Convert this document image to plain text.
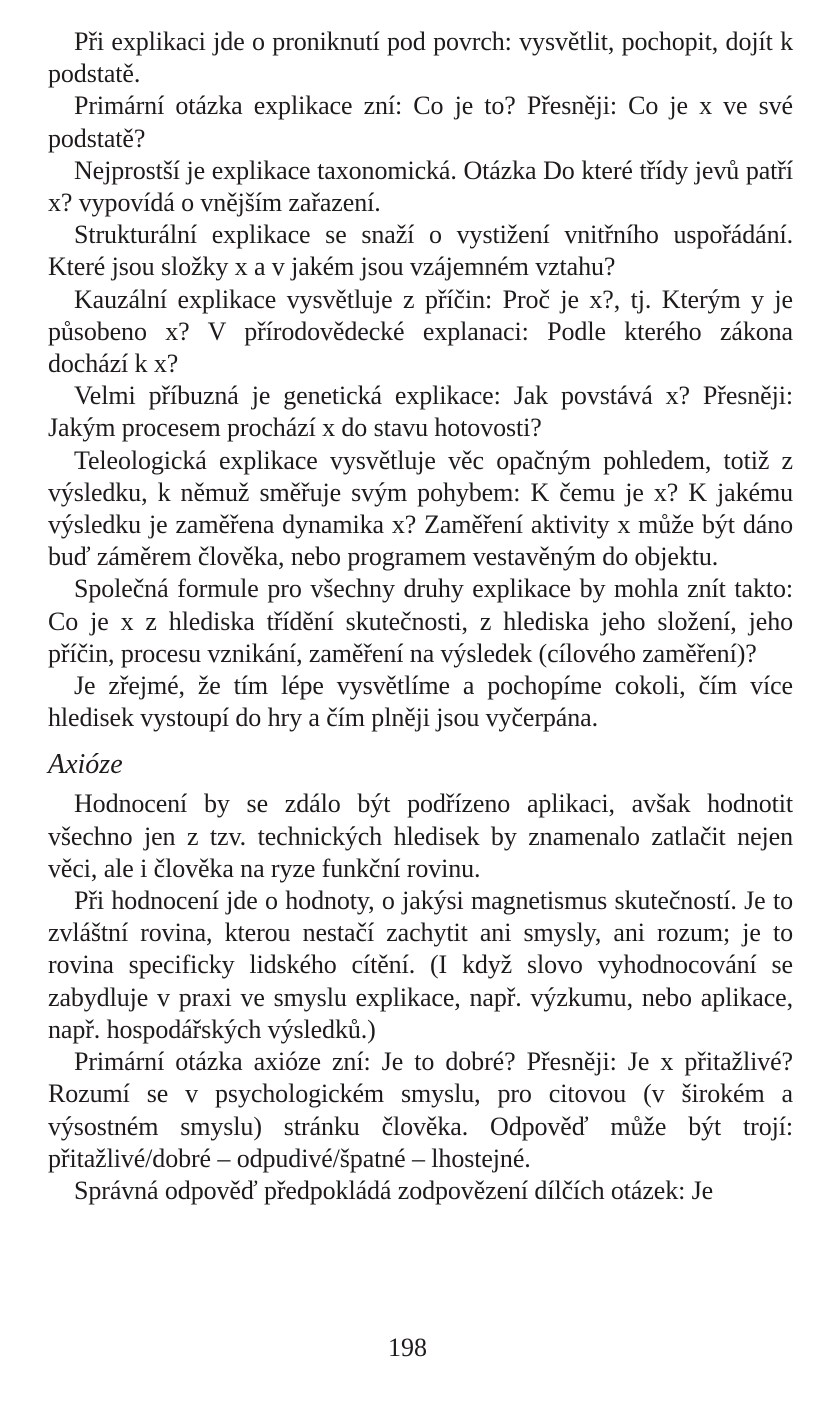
Při explikaci jde o proniknutí pod povrch: vysvětlit, pochopit, dojít k podstatě.

Primární otázka explikace zní: Co je to? Přesněji: Co je x ve své podstatě?

Nejprostší je explikace taxonomická. Otázka Do které třídy jevů patří x? vypovídá o vnějším zařazení.

Strukturální explikace se snaží o vystižení vnitřního uspořádání. Které jsou složky x a v jakém jsou vzájemném vztahu?

Kauzální explikace vysvětluje z příčin: Proč je x?, tj. Kterým y je působeno x? V přírodovědecké explanaci: Podle kterého zákona dochází k x?

Velmi příbuzná je genetická explikace: Jak povstává x? Přesněji: Jakým procesem prochází x do stavu hotovosti?

Teleologická explikace vysvětluje věc opačným pohledem, totiž z výsledku, k němuž směřuje svým pohybem: K čemu je x? K jakému výsledku je zaměřena dynamika x? Zaměření aktivity x může být dáno buď záměrem člověka, nebo programem vestavěným do objektu.

Společná formule pro všechny druhy explikace by mohla znít takto: Co je x z hlediska třídění skutečnosti, z hlediska jeho složení, jeho příčin, procesu vznikání, zaměření na výsledek (cílového zaměření)?

Je zřejmé, že tím lépe vysvětlíme a pochopíme cokoli, čím více hledisek vystoupí do hry a čím plněji jsou vyčerpána.

Axióze

Hodnocení by se zdálo být podřízeno aplikaci, avšak hodnotit všechno jen z tzv. technických hledisek by znamenalo zatlačit nejen věci, ale i člověka na ryze funkční rovinu.

Při hodnocení jde o hodnoty, o jakýsi magnetismus skutečností. Je to zvláštní rovina, kterou nestačí zachytit ani smysly, ani rozum; je to rovina specificky lidského cítění. (I když slovo vyhodnocování se zabydluje v praxi ve smyslu explikace, např. výzkumu, nebo aplikace, např. hospodářských výsledků.)

Primární otázka axióze zní: Je to dobré? Přesněji: Je x přitažlivé? Rozumí se v psychologickém smyslu, pro citovou (v širokém a výsostném smyslu) stránku člověka. Odpověď může být trojí: přitažlivé/dobré – odpudivé/špatné – lhostejné.

Správná odpověď předpokládá zodpovězení dílčích otázek: Je

198
